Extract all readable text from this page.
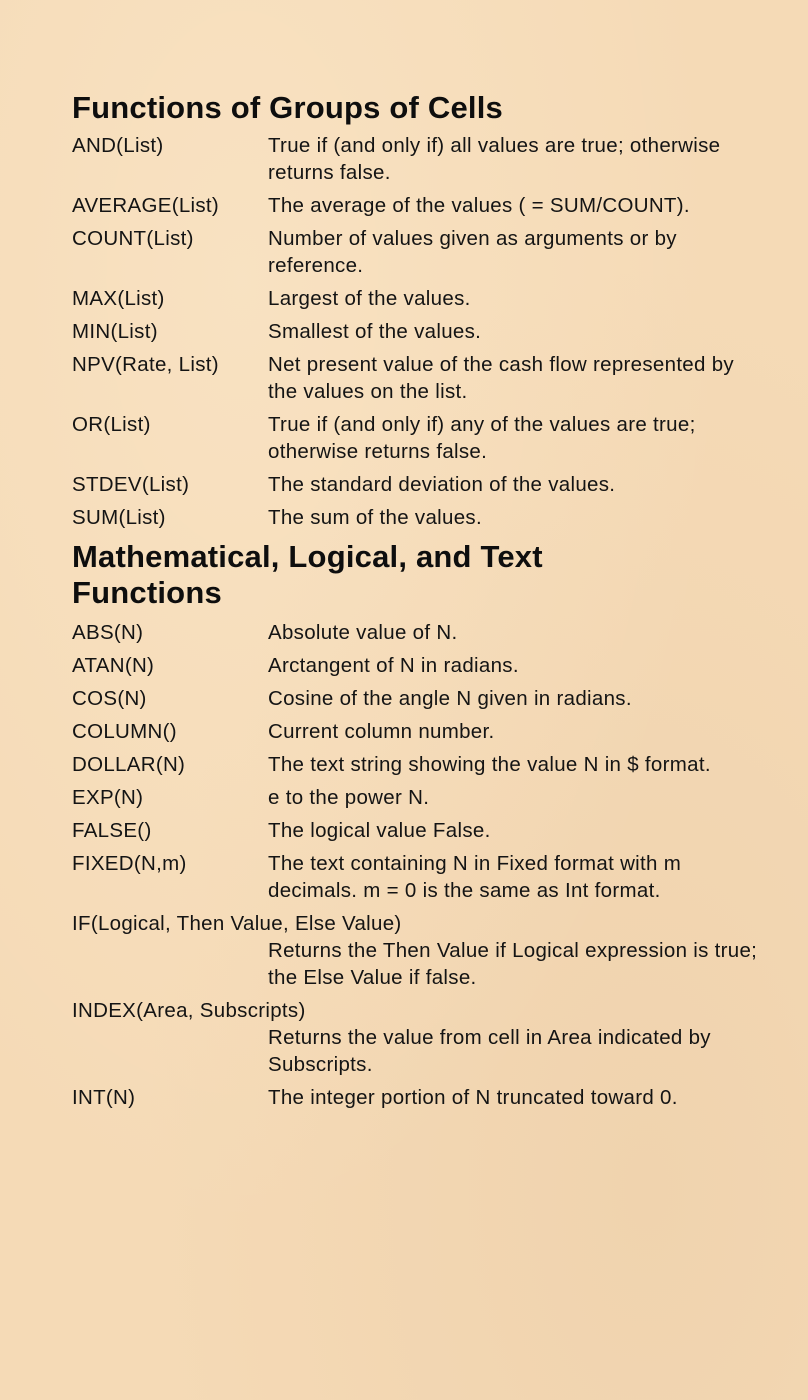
Functions of Groups of Cells
AND(List)	True if (and only if) all values are true; otherwise returns false.
AVERAGE(List)	The average of the values ( = SUM/COUNT).
COUNT(List)	Number of values given as arguments or by reference.
MAX(List)	Largest of the values.
MIN(List)	Smallest of the values.
NPV(Rate, List)	Net present value of the cash flow represented by the values on the list.
OR(List)	True if (and only if) any of the values are true; otherwise returns false.
STDEV(List)	The standard deviation of the values.
SUM(List)	The sum of the values.
Mathematical, Logical, and Text Functions
ABS(N)	Absolute value of N.
ATAN(N)	Arctangent of N in radians.
COS(N)	Cosine of the angle N given in radians.
COLUMN()	Current column number.
DOLLAR(N)	The text string showing the value N in $ format.
EXP(N)	e to the power N.
FALSE()	The logical value False.
FIXED(N,m)	The text containing N in Fixed format with m decimals. m = 0 is the same as Int format.
IF(Logical, Then Value, Else Value)
Returns the Then Value if Logical expression is true; the Else Value if false.
INDEX(Area, Subscripts)
Returns the value from cell in Area indicated by Subscripts.
INT(N)	The integer portion of N truncated toward 0.
